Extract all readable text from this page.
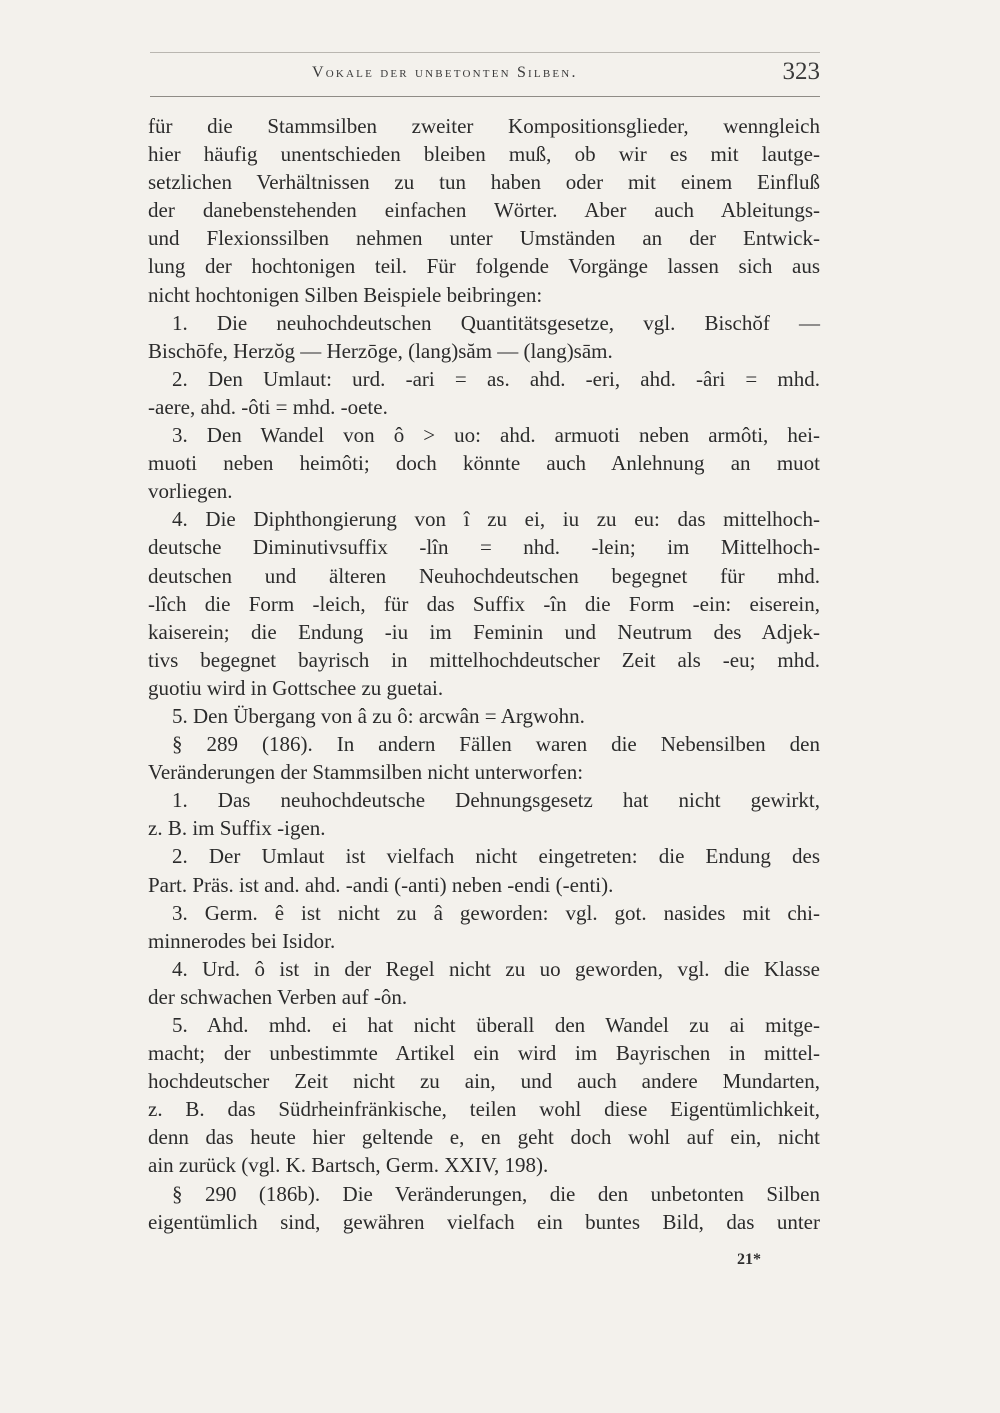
Vokale der unbetonten Silben.	323
für die Stammsilben zweiter Kompositionsglieder, wenngleich
hier häufig unentschieden bleiben muß, ob wir es mit lautge-
setzlichen Verhältnissen zu tun haben oder mit einem Einfluß
der danebenstehenden einfachen Wörter. Aber auch Ableitungs-
und Flexionssilben nehmen unter Umständen an der Entwick-
lung der hochtonigen teil. Für folgende Vorgänge lassen sich aus
nicht hochtonigen Silben Beispiele beibringen:
1. Die neuhochdeutschen Quantitätsgesetze, vgl. Bischŏf —
Bischōfe, Herzŏg — Herzōge, (lang)săm — (lang)sām.
2. Den Umlaut: urd. -ari = as. ahd. -eri, ahd. -âri = mhd.
-aere, ahd. -ôti = mhd. -oete.
3. Den Wandel von ô > uo: ahd. armuoti neben armôti, hei-
muoti neben heimôti; doch könnte auch Anlehnung an muot
vorliegen.
4. Die Diphthongierung von î zu ei, iu zu eu: das mittelhoch-
deutsche Diminutivsuffix -lîn = nhd. -lein; im Mittelhoch-
deutschen und älteren Neuhochdeutschen begegnet für mhd.
-lîch die Form -leich, für das Suffix -în die Form -ein: eiserein,
kaiserein; die Endung -iu im Feminin und Neutrum des Adjek-
tivs begegnet bayrisch in mittelhochdeutscher Zeit als -eu; mhd.
guotiu wird in Gottschee zu guetai.
5. Den Übergang von â zu ô: arcwân = Argwohn.
§ 289 (186). In andern Fällen waren die Nebensilben den
Veränderungen der Stammsilben nicht unterworfen:
1. Das neuhochdeutsche Dehnungsgesetz hat nicht gewirkt,
z. B. im Suffix -igen.
2. Der Umlaut ist vielfach nicht eingetreten: die Endung des
Part. Präs. ist and. ahd. -andi (-anti) neben -endi (-enti).
3. Germ. ê ist nicht zu â geworden: vgl. got. nasides mit chi-
minnerodes bei Isidor.
4. Urd. ô ist in der Regel nicht zu uo geworden, vgl. die Klasse
der schwachen Verben auf -ôn.
5. Ahd. mhd. ei hat nicht überall den Wandel zu ai mitge-
macht; der unbestimmte Artikel ein wird im Bayrischen in mittel-
hochdeutscher Zeit nicht zu ain, und auch andere Mundarten,
z. B. das Südrheinfränkische, teilen wohl diese Eigentümlichkeit,
denn das heute hier geltende e, en geht doch wohl auf ein, nicht
ain zurück (vgl. K. Bartsch, Germ. XXIV, 198).
§ 290 (186b). Die Veränderungen, die den unbetonten Silben
eigentümlich sind, gewähren vielfach ein buntes Bild, das unter
21*
